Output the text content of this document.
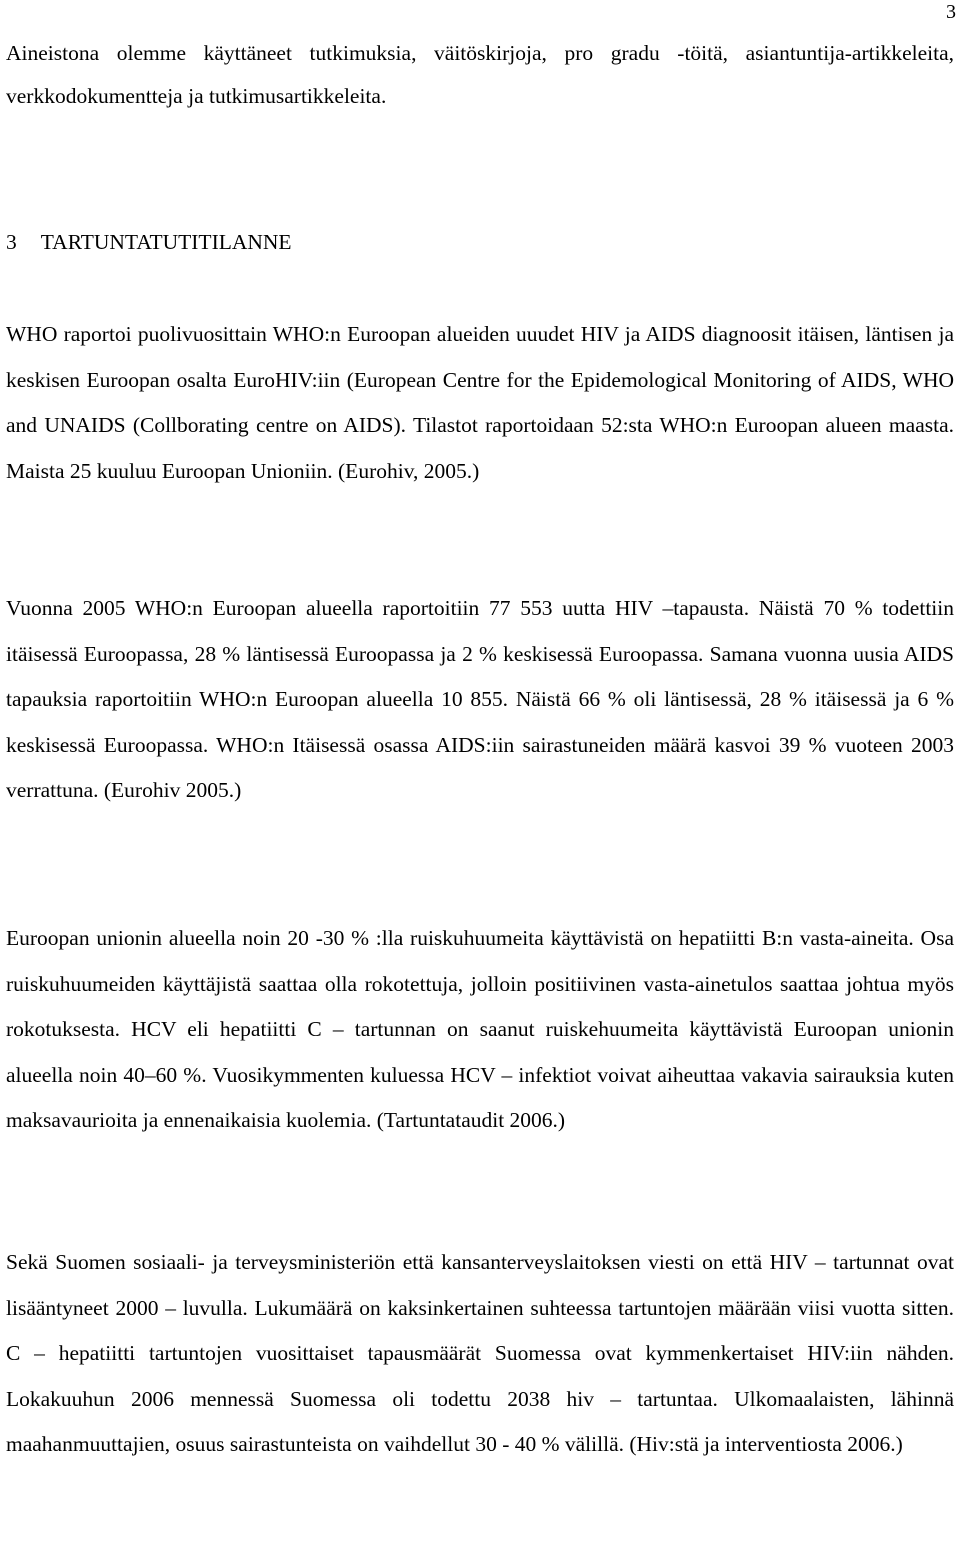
3

Aineistona olemme käyttäneet tutkimuksia, väitöskirjoja, pro gradu -töitä, asiantuntija-artikkeleita, verkkodokumentteja ja tutkimusartikkeleita.

3 TARTUNTATUTITILANNE

WHO raportoi puolivuosittain WHO:n Euroopan alueiden uuudet HIV ja AIDS diagnoosit itäisen, läntisen ja keskisen Euroopan osalta EuroHIV:iin (European Centre for the Epidemological Monitoring of AIDS, WHO and UNAIDS (Collborating centre on AIDS). Tilastot raportoidaan 52:sta WHO:n Euroopan alueen maasta. Maista 25 kuuluu Euroopan Unioniin. (Eurohiv, 2005.)

Vuonna 2005 WHO:n Euroopan alueella raportoitiin 77 553 uutta HIV –tapausta. Näistä 70 % todettiin itäisessä Euroopassa, 28 % läntisessä Euroopassa ja 2 % keskisessä Euroopassa. Samana vuonna uusia AIDS tapauksia raportoitiin WHO:n Euroopan alueella 10 855. Näistä 66 % oli läntisessä, 28 % itäisessä ja 6 % keskisessä Euroopassa. WHO:n Itäisessä osassa AIDS:iin sairastuneiden määrä kasvoi 39 % vuoteen 2003 verrattuna. (Eurohiv 2005.)

Euroopan unionin alueella noin 20 -30 % :lla ruiskuhuumeita käyttävistä on hepatiitti B:n vasta-aineita. Osa ruiskuhuumeiden käyttäjistä saattaa olla rokotettuja, jolloin positiivinen vasta-ainetulos saattaa johtua myös rokotuksesta. HCV eli hepatiitti C – tartunnan on saanut ruiskehuumeita käyttävistä Euroopan unionin alueella noin 40–60 %. Vuosikymmenten kuluessa HCV – infektiot voivat aiheuttaa vakavia sairauksia kuten maksavaurioita ja ennenaikaisia kuolemia. (Tartuntataudit 2006.)

Sekä Suomen sosiaali- ja terveysministeriön että kansanterveyslaitoksen viesti on että HIV – tartunnat ovat lisääntyneet 2000 – luvulla. Lukumäärä on kaksinkertainen suhteessa tartuntojen määrään viisi vuotta sitten. C – hepatiitti tartuntojen vuosittaiset tapausmäärät Suomessa ovat kymmenkertaiset HIV:iin nähden. Lokakuuhun 2006 mennessä Suomessa oli todettu 2038 hiv – tartuntaa. Ulkomaalaisten, lähinnä maahanmuuttajien, osuus sairastunteista on vaihdellut 30 - 40 % välillä. (Hiv:stä ja interventiosta 2006.)
